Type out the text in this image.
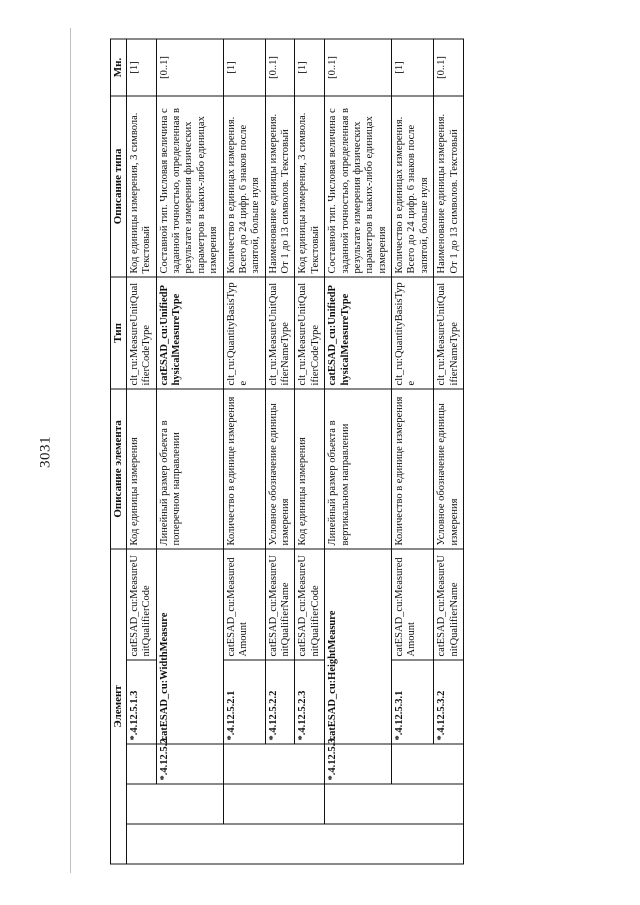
3031
Элемент					Описание элемента	Тип	Описание типа	Мн.
			*.4.12.5.1.3	catESAD_cu:MeasureUnitQualifierCode	Код единицы измерения	clt_ru:MeasureUnitQualifierCodeType	Код единицы измерения, 3 символа. Текстовый	[1]
		*.4.12.5.2.	catESAD_cu:WidthMeasure		Линейный размер объекта в поперечном направлении	catESAD_cu:UnifiedPhysicalMeasureType	Составной тип. Числовая величина с заданной точностью, определенная в результате измерения физических параметров в каких-либо единицах измерения	[0..1]
			*.4.12.5.2.1	catESAD_cu:MeasuredAmount	Количество в единице измерения	clt_ru:QuantityBasisType	Количество в единицах измерения. Всего до 24 цифр. 6 знаков после запятой, больше нуля	[1]
			*.4.12.5.2.2	catESAD_cu:MeasureUnitQualifierName	Условное обозначение единицы измерения	clt_ru:MeasureUnitQualifierNameType	Наименование единицы измерения. От 1 до 13 символов. Текстовый	[0..1]
			*.4.12.5.2.3	catESAD_cu:MeasureUnitQualifierCode	Код единицы измерения	clt_ru:MeasureUnitQualifierCodeType	Код единицы измерения, 3 символа. Текстовый	[1]
		*.4.12.5.3.	catESAD_cu:HeightMeasure		Линейный размер объекта в вертикальном направлении	catESAD_cu:UnifiedPhysicalMeasureType	Составной тип. Числовая величина с заданной точностью, определенная в результате измерения физических параметров в каких-либо единицах измерения	[0..1]
			*.4.12.5.3.1	catESAD_cu:MeasuredAmount	Количество в единице измерения	clt_ru:QuantityBasisType	Количество в единицах измерения. Всего до 24 цифр. 6 знаков после запятой, больше нуля	[1]
			*.4.12.5.3.2	catESAD_cu:MeasureUnitQualifierName	Условное обозначение единицы измерения	clt_ru:MeasureUnitQualifierNameType	Наименование единицы измерения. От 1 до 13 символов. Текстовый	[0..1]
